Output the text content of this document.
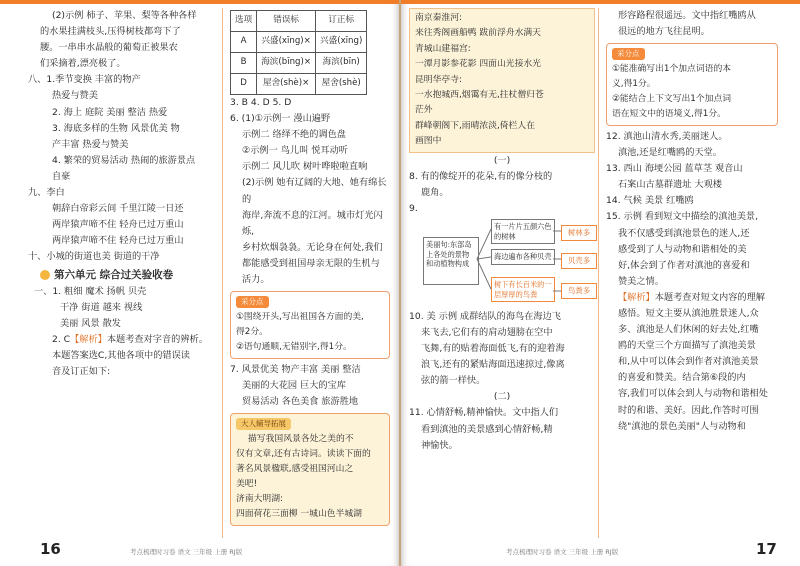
(2)示例 柿子、苹果、梨等各种各样

的水果挂满枝头,压得树枝都弯下了

腰。一串串水晶般的葡萄正被果农

们采摘着,漂亮极了。

八、1.季节变换 丰富的物产

热爱与赞美

2. 海上 庭院 美丽 整洁 热爱

3. 海底多样的生物 风景优美 物

产丰富 热爱与赞美

4. 繁荣的贸易活动 热闹的旅游景点

自豪

九、李白

朝辞白帝彩云间 千里江陵一日还

两岸猿声啼不住 轻舟已过万重山

两岸猿声啼不住 轻舟已过万重山

十、小城的街道也美 街道的干净

第六单元 综合过关验收卷

一、1. 粗细 魔术 扬帆 贝壳

干净 街道 越来 视线

美丽 风景 散发

2. C【解析】本题考查对字音的辨析。

本题答案选C,其他各项中的错误读

音及订正如下:

选项	错误标	订正标
A	兴盛(xīng)×	兴盛(xīng)
B	海滨(bīng)×	海滨(bīn)
D	屋舍(shè)×	屋舍(shè)

3. B 4. D 5. D

6. (1)①示例一 漫山遍野

示例二 络绎不绝的调色盘

②示例一 鸟儿叫 悦耳动听

示例二 风儿吹 树叶哗啦啦直响

(2)示例 她有辽阔的大地、她有绵长的

海岸,奔流不息的江河。城市灯光闪烁,

乡村炊烟袅袅。无论身在何处,我们

都能感受到祖国母亲无限的生机与

活力。

采分点

①围绕开头,写出祖国各方面的美,

得2分。

②语句通顺,无错别字,得1分。

7. 风景优美 物产丰富 美丽 整洁

美丽的大花园 巨大的宝库

贸易活动 各色美食 旅游胜地

大人辅导拓展

描写我国风景各处之美的不

仅有文章,还有古诗词。读读下面的

著名风景楹联,感受祖国河山之

美吧!

济南大明湖:

四面荷花三面柳 一城山色半城湖

16	考点梳理时习卷 语文 三年级 上册 RJ版

南京秦淮河:

来往秀阁画船鸭 跋前浮舟水满天

青城山建福宫:

一潭月影参花影 四面山光接水光

昆明华亭寺:

一水抱城西,烟霭有无,拄杖僧归苍

茫外

群峰朝阁下,雨晴浓淡,倚栏人在

画图中

(一)

8. 有的像绽开的花朵,有的像分枝的

鹿角。

9.

美丽句:东部岛上各处的景物和动植物构成
有一片片五颜六色的树林
海边遍布各种贝壳
树下有长百米的一层厚厚的鸟粪
树林多
贝壳多
鸟粪多

10. 美 示例 成群结队的海鸟在海边飞

来飞去,它们有的肩动翅膀在空中

飞舞,有的贴着海面低飞,有的迎着海

浪飞,还有的紧贴海面迅速掠过,像离

弦的箭一样快。

(二)

11. 心情舒畅,精神愉快。文中指人们

看到滇池的美景感到心情舒畅,精

神愉快。

形容路程很遥远。文中指红嘴鸥从

很远的地方飞往昆明。

采分点

①能准确写出1个加点词语的本

义,得1分。

②能结合上下文写出1个加点词

语在短文中的语境义,得1分。

12. 滇池山清水秀,美丽迷人。

滇池,还是红嘴鸥的天堂。

13. 西山 海埂公园 蓝草茎 观音山

石案山古墓群遗址 大观楼

14. 气候 美景 红嘴鸥

15. 示例 看到短文中描绘的滇池美景,

我不仅感受到滇池景色的迷人,还

感受到了人与动物和谐相处的美

好,体会到了作者对滇池的喜爱和

赞美之情。

【解析】本题考查对短文内容的理解

感悟。短文主要从滇池胜景迷人,众

多、滇池是人们休闲的好去处,红嘴

鸥的天堂三个方面描写了滇池美景

和,从中可以体会到作者对滇池美景

的喜爱和赞美。结合第⑥段的内

容,我们可以体会到人与动物和谐相处

时的和谐、美好。因此,作答时可围

绕"滇池的景色美丽"人与动物和

考点梳理时习卷 语文 三年级 上册 RJ版	17
